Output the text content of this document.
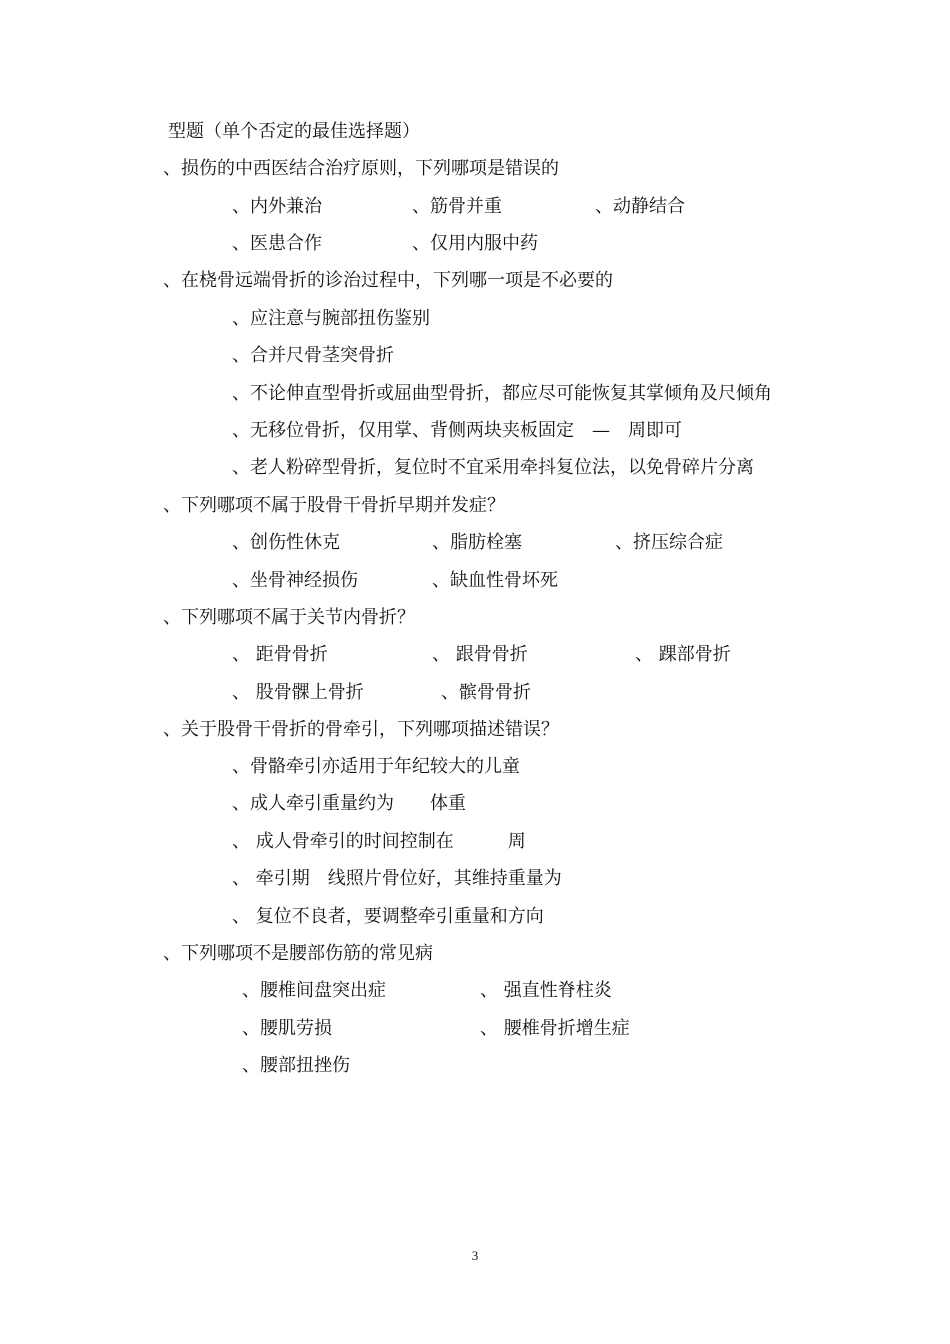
型题（单个否定的最佳选择题）
、损伤的中西医结合治疗原则，下列哪项是错误的
、内外兼治	、筋骨并重	、动静结合
、医患合作	、仅用内服中药
、在桡骨远端骨折的诊治过程中，下列哪一项是不必要的
、应注意与腕部扭伤鉴别
、合并尺骨茎突骨折
、不论伸直型骨折或屈曲型骨折，都应尽可能恢复其掌倾角及尺倾角
、无移位骨折，仅用掌、背侧两块夹板固定　—　周即可
、老人粉碎型骨折，复位时不宜采用牵抖复位法，以免骨碎片分离
、下列哪项不属于股骨干骨折早期并发症？
、创伤性休克	、脂肪栓塞	、挤压综合症
、坐骨神经损伤	、缺血性骨坏死
、下列哪项不属于关节内骨折？
、 距骨骨折	、 跟骨骨折	、 踝部骨折
、 股骨髁上骨折	、髌骨骨折
、关于股骨干骨折的骨牵引，下列哪项描述错误？
、骨骼牵引亦适用于年纪较大的儿童
、成人牵引重量约为　　体重
、 成人骨牵引的时间控制在　　　周
、 牵引期　线照片骨位好，其维持重量为
、 复位不良者，要调整牵引重量和方向
、下列哪项不是腰部伤筋的常见病
、腰椎间盘突出症	、 强直性脊柱炎
、腰肌劳损	、 腰椎骨折增生症
、腰部扭挫伤
3
